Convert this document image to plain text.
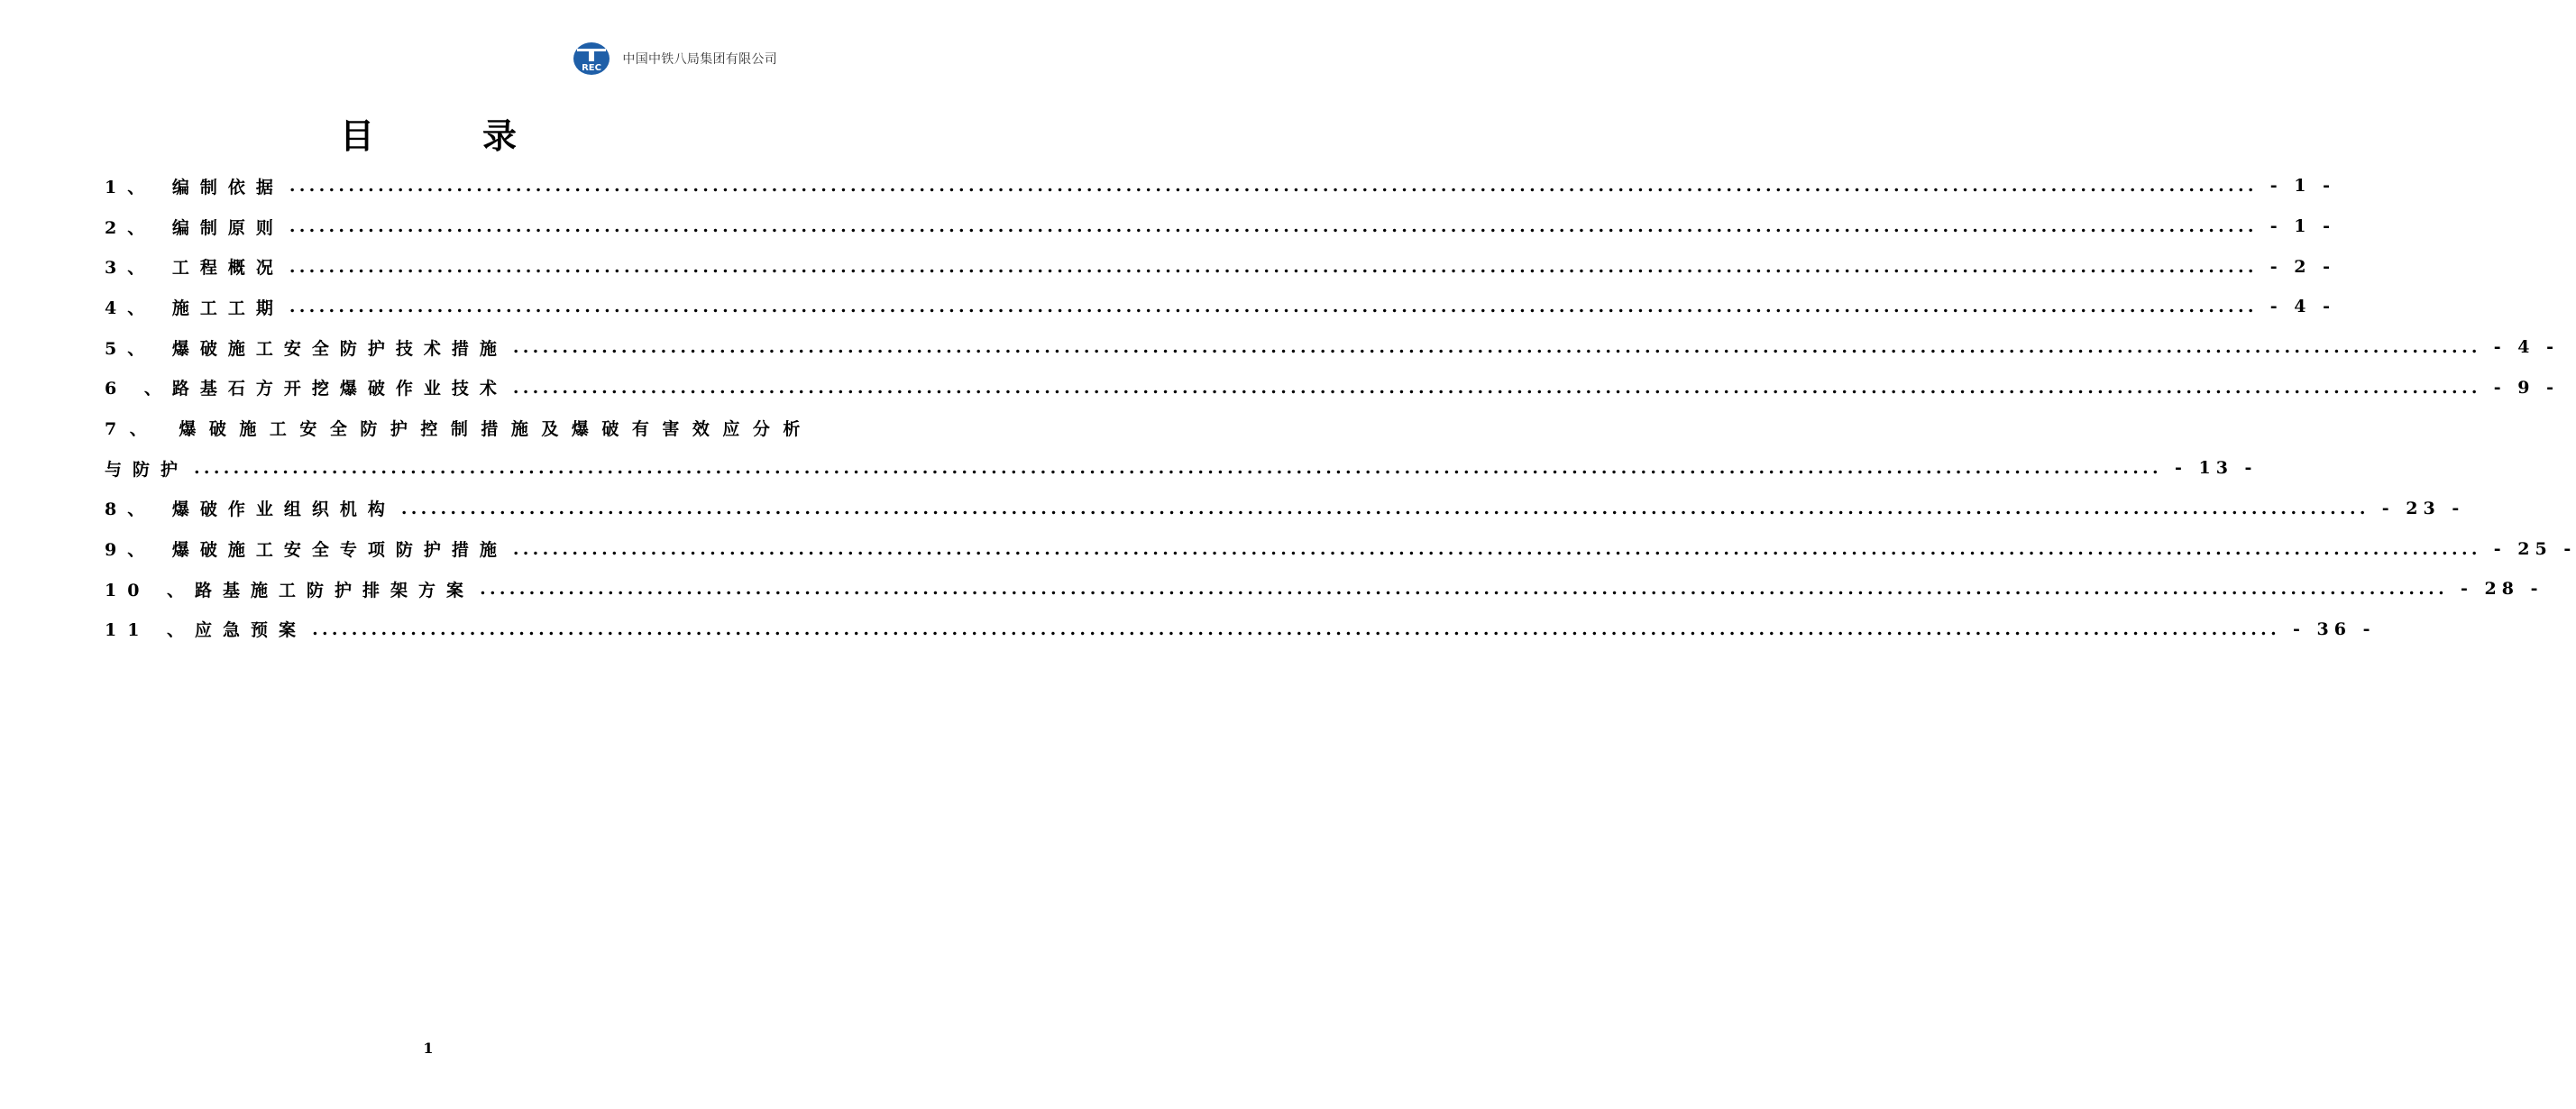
REC
中国中铁八局集团有限公司
目	录
1、 编制依据 ........................................................................................................................................................................................................ - 1 -
2、 编制原则 ........................................................................................................................................................................................................ - 1 -
3、 工程概况 ........................................................................................................................................................................................................ - 2 -
4、 施工工期 ........................................................................................................................................................................................................ - 4 -
5、 爆破施工安全防护技术措施 ........................................................................................................................................................................................................ - 4 -
6 、路基石方开挖爆破作业技术 ........................................................................................................................................................................................................ - 9 -
7、 爆破施工安全防护控制措施及爆破有害效应分析
与防护 ........................................................................................................................................................................................................ - 13 -
8、 爆破作业组织机构 ........................................................................................................................................................................................................ - 23 -
9、 爆破施工安全专项防护措施 ........................................................................................................................................................................................................ - 25 -
10 、路基施工防护排架方案 ........................................................................................................................................................................................................ - 28 -
11 、应急预案 ........................................................................................................................................................................................................ - 36 -
1
